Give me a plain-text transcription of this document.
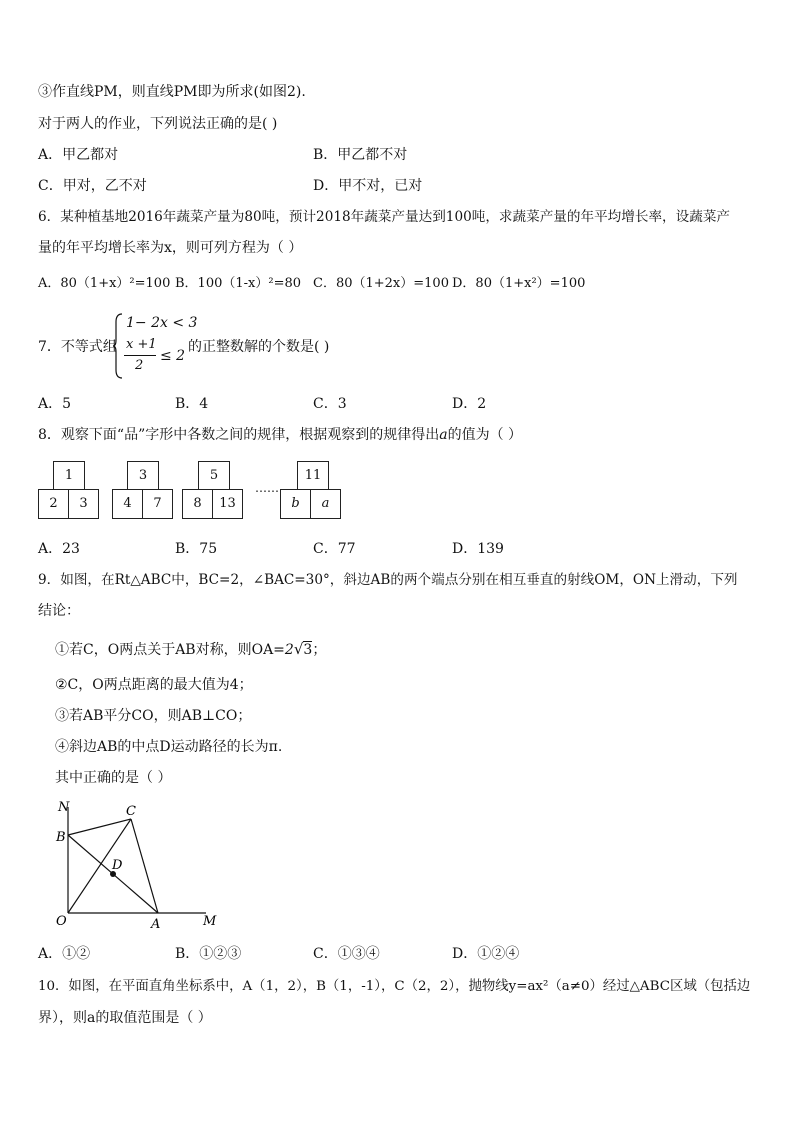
③作直线PM，则直线PM即为所求(如图2).
对于两人的作业，下列说法正确的是( )
A．甲乙都对	B．甲乙都不对
C．甲对，乙不对	D．甲不对，已对
6．某种植基地2016年蔬菜产量为80吨，预计2018年蔬菜产量达到100吨，求蔬菜产量的年平均增长率，设蔬菜产
量的年平均增长率为x，则可列方程为（ ）
A．80（1+x）²=100 B．100（1-x）²=80 C．80（1+2x）=100 D．80（1+x²）=100
7．不等式组
1− 2x < 3
x +1
2
≤ 2
的正整数解的个数是( )
A．5	B．4	C．3	D．2
8．观察下面“品”字形中各数之间的规律，根据观察到的规律得出a的值为（ ）
1
2	3
3
4	7
5
8	13
……
11
b	a
A．23	B．75	C．77	D．139
9．如图，在Rt△ABC中，BC=2，∠BAC=30°，斜边AB的两个端点分别在相互垂直的射线OM，ON上滑动，下列
结论：
①若C，O两点关于AB对称，则OA=2√3；
②C，O两点距离的最大值为4；
③若AB平分CO，则AB⊥CO；
④斜边AB的中点D运动路径的长为π.
其中正确的是（ ）
N	C
B
D
O	A	M
A．①②	B．①②③	C．①③④	D．①②④
10．如图，在平面直角坐标系中，A（1，2），B（1，-1），C（2，2），抛物线y=ax²（a≠0）经过△ABC区域（包括边
界），则a的取值范围是（ ）
